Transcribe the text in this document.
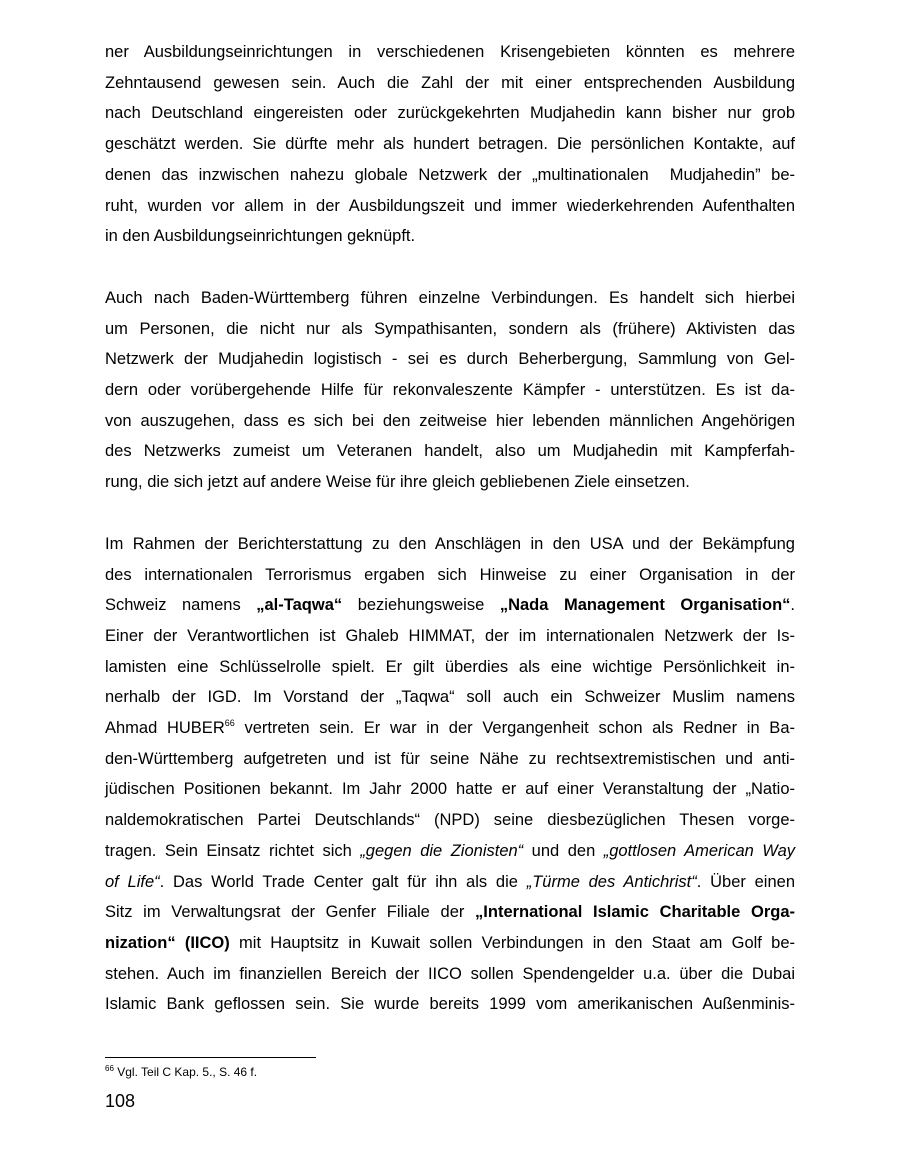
ner Ausbildungseinrichtungen in verschiedenen Krisengebieten könnten es mehrere
Zehntausend gewesen sein. Auch die Zahl der mit einer entsprechenden Ausbildung
nach Deutschland eingereisten oder zurückgekehrten Mudjahedin kann bisher nur grob
geschätzt werden. Sie dürfte mehr als hundert betragen. Die persönlichen Kontakte, auf
denen das inzwischen nahezu globale Netzwerk der „multinationalen  Mudjahedin” be-
ruht, wurden vor allem in der Ausbildungszeit und immer wiederkehrenden Aufenthalten
in den Ausbildungseinrichtungen geknüpft.
Auch nach Baden-Württemberg führen einzelne Verbindungen. Es handelt sich hierbei
um Personen, die nicht nur als Sympathisanten, sondern als (frühere) Aktivisten das
Netzwerk der Mudjahedin logistisch - sei es durch Beherbergung, Sammlung von Gel-
dern oder vorübergehende Hilfe für rekonvaleszente Kämpfer - unterstützen. Es ist da-
von auszugehen, dass es sich bei den zeitweise hier lebenden männlichen Angehörigen
des Netzwerks zumeist um Veteranen handelt, also um Mudjahedin mit Kampferfah-
rung, die sich jetzt auf andere Weise für ihre gleich gebliebenen Ziele einsetzen.
Im Rahmen der Berichterstattung zu den Anschlägen in den USA und der Bekämpfung
des internationalen Terrorismus ergaben sich Hinweise zu einer Organisation in der
Schweiz namens „al-Taqwa“ beziehungsweise „Nada Management Organisation“.
Einer der Verantwortlichen ist Ghaleb HIMMAT, der im internationalen Netzwerk der Is-
lamisten eine Schlüsselrolle spielt. Er gilt überdies als eine wichtige Persönlichkeit in-
nerhalb der IGD. Im Vorstand der „Taqwa“ soll auch ein Schweizer Muslim namens
Ahmad HUBER$^{66}$ vertreten sein. Er war in der Vergangenheit schon als Redner in Ba-
den-Württemberg aufgetreten und ist für seine Nähe zu rechtsextremistischen und anti-
jüdischen Positionen bekannt. Im Jahr 2000 hatte er auf einer Veranstaltung der „Natio-
naldemokratischen Partei Deutschlands“ (NPD) seine diesbezüglichen Thesen vorge-
tragen. Sein Einsatz richtet sich „gegen die Zionisten“ und den „gottlosen American Way
of Life“. Das World Trade Center galt für ihn als die „Türme des Antichrist“. Über einen
Sitz im Verwaltungsrat der Genfer Filiale der „International Islamic Charitable Orga-
nization“ (IICO) mit Hauptsitz in Kuwait sollen Verbindungen in den Staat am Golf be-
stehen. Auch im finanziellen Bereich der IICO sollen Spendengelder u.a. über die Dubai
Islamic Bank geflossen sein. Sie wurde bereits 1999 vom amerikanischen Außenminis-
$^{66}$ Vgl. Teil C Kap. 5., S. 46 f.
108
